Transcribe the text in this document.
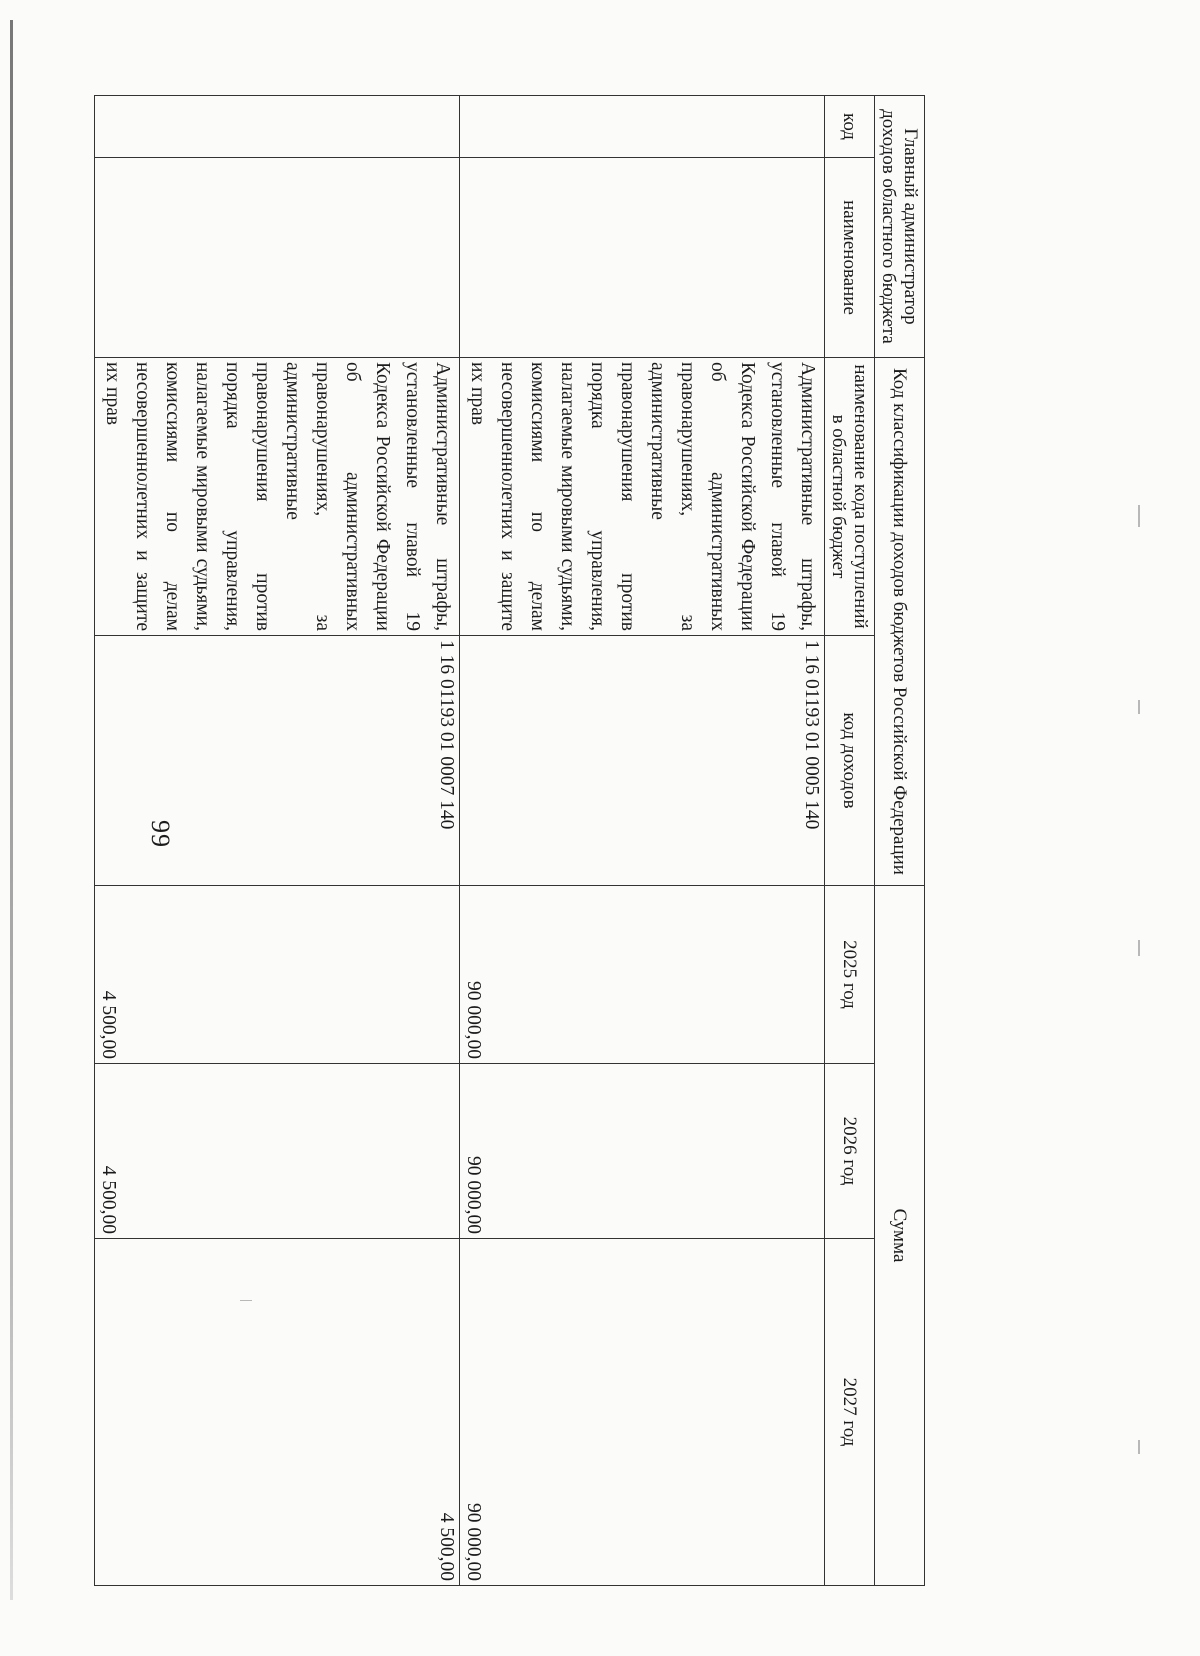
99
Главный администратор доходов областного бюджета		Код классификации доходов бюджетов Российской Федерации		Сумма		
код	наименование	наименование кода поступлений в областной бюджет	код доходов	2025 год	2026 год	2027 год
		Административные штрафы, установленные главой 19 Кодекса Российской Федерации об административных правонарушениях, за административные правонарушения против порядка управления, налагаемые мировыми судьями, комиссиями по делам несовершеннолетних и защите их прав	1 16 01193 01 0005 140	90 000,00	90 000,00	90 000,00
		Административные штрафы, установленные главой 19 Кодекса Российской Федерации об административных правонарушениях, за административные правонарушения против порядка управления, налагаемые мировыми судьями, комиссиями по делам несовершеннолетних и защите их прав	1 16 01193 01 0007 140	4 500,00	4 500,00	4 500,00
